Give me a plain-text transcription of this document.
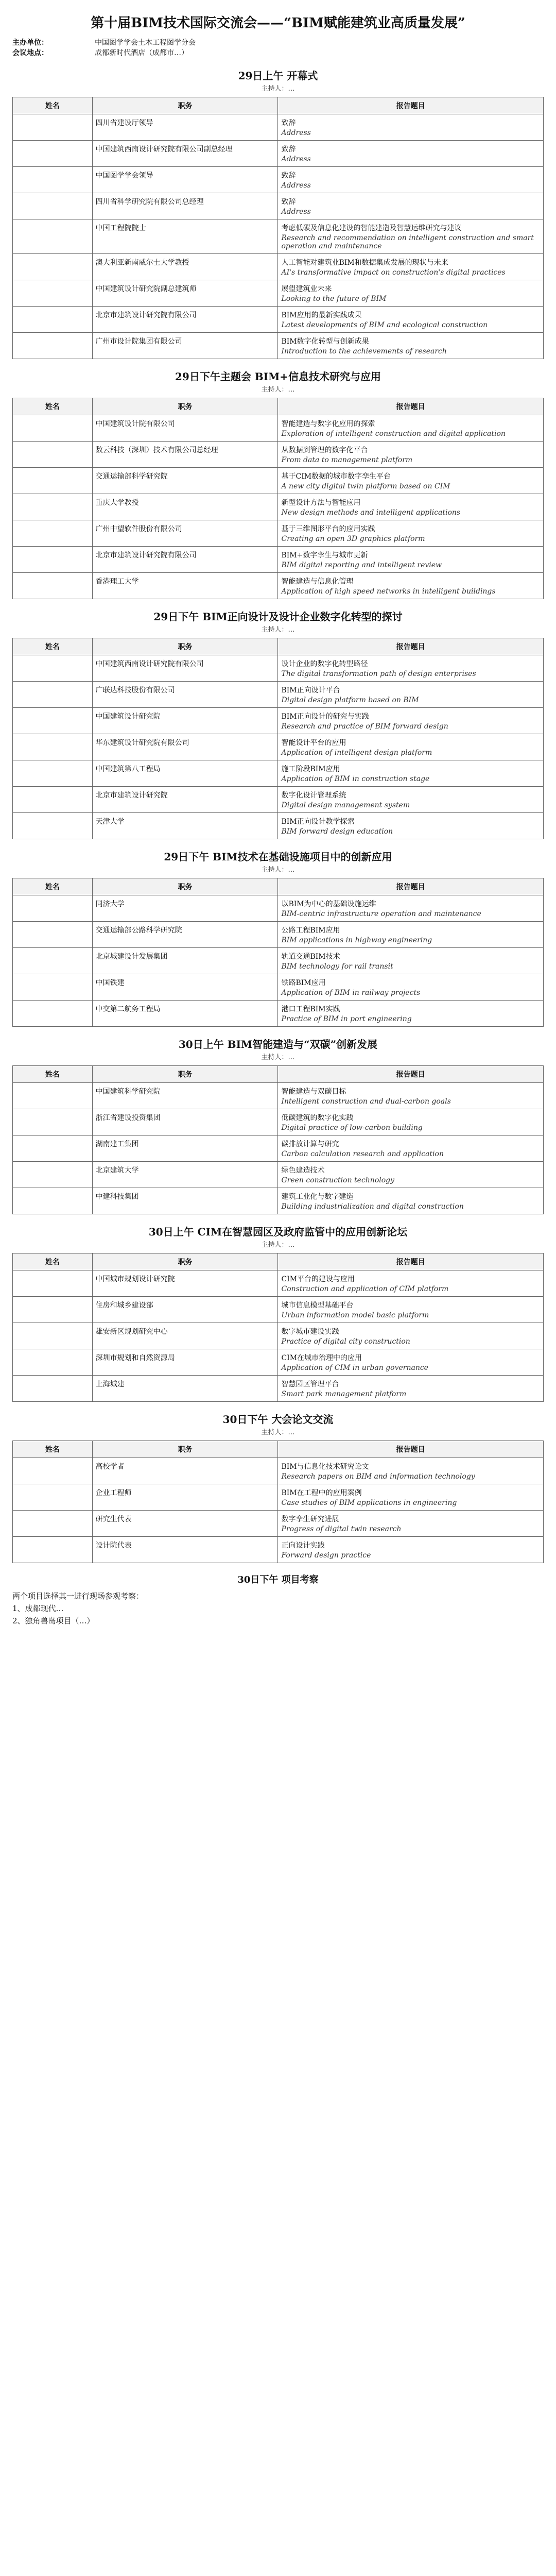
第十届BIM技术国际交流会——“BIM赋能建筑业高质量发展”
主办单位：	中国图学学会土木工程图学分会
会议地点：	成都新时代酒店（成都市…）
29日上午 开幕式
主持人：…
姓名	职务	报告题目
	四川省建设厅领导	致辞
Address

	中国建筑西南设计研究院有限公司副总经理	致辞
Address

	中国图学学会领导	致辞
Address

	四川省科学研究院有限公司总经理	致辞
Address

	中国工程院院士	考虑低碳及信息化建设的智能建造及智慧运维研究与建议
Research and recommendation on intelligent construction and smart operation and maintenance

	澳大利亚新南威尔士大学教授	人工智能对建筑业BIM和数据集成发展的现状与未来
AI's transformative impact on construction's digital practices

	中国建筑设计研究院副总建筑师	展望建筑业未来
Looking to the future of BIM

	北京市建筑设计研究院有限公司	BIM应用的最新实践成果
Latest developments of BIM and ecological construction

	广州市设计院集团有限公司	BIM数字化转型与创新成果
Introduction to the achievements of research
29日下午主题会 BIM+信息技术研究与应用
主持人：…
姓名	职务	报告题目
	中国建筑设计院有限公司	智能建造与数字化应用的探索
Exploration of intelligent construction and digital application

	数云科技（深圳）技术有限公司总经理	从数据到管理的数字化平台
From data to management platform

	交通运输部科学研究院	基于CIM数据的城市数字孪生平台
A new city digital twin platform based on CIM

	重庆大学教授	新型设计方法与智能应用
New design methods and intelligent applications

	广州中望软件股份有限公司	基于三维图形平台的应用实践
Creating an open 3D graphics platform

	北京市建筑设计研究院有限公司	BIM+数字孪生与城市更新
BIM digital reporting and intelligent review

	香港理工大学	智能建造与信息化管理
Application of high speed networks in intelligent buildings
29日下午 BIM正向设计及设计企业数字化转型的探讨
主持人：…
姓名	职务	报告题目
	中国建筑西南设计研究院有限公司	设计企业的数字化转型路径
The digital transformation path of design enterprises

	广联达科技股份有限公司	BIM正向设计平台
Digital design platform based on BIM

	中国建筑设计研究院	BIM正向设计的研究与实践
Research and practice of BIM forward design

	华东建筑设计研究院有限公司	智能设计平台的应用
Application of intelligent design platform

	中国建筑第八工程局	施工阶段BIM应用
Application of BIM in construction stage

	北京市建筑设计研究院	数字化设计管理系统
Digital design management system

	天津大学	BIM正向设计教学探索
BIM forward design education
29日下午 BIM技术在基础设施项目中的创新应用
主持人：…
姓名	职务	报告题目
	同济大学	以BIM为中心的基础设施运维
BIM-centric infrastructure operation and maintenance

	交通运输部公路科学研究院	公路工程BIM应用
BIM applications in highway engineering

	北京城建设计发展集团	轨道交通BIM技术
BIM technology for rail transit

	中国铁建	铁路BIM应用
Application of BIM in railway projects

	中交第二航务工程局	港口工程BIM实践
Practice of BIM in port engineering
30日上午 BIM智能建造与“双碳”创新发展
主持人：…
姓名	职务	报告题目
	中国建筑科学研究院	智能建造与双碳目标
Intelligent construction and dual-carbon goals

	浙江省建设投资集团	低碳建筑的数字化实践
Digital practice of low-carbon building

	湖南建工集团	碳排放计算与研究
Carbon calculation research and application

	北京建筑大学	绿色建造技术
Green construction technology

	中建科技集团	建筑工业化与数字建造
Building industrialization and digital construction
30日上午 CIM在智慧园区及政府监管中的应用创新论坛
主持人：…
姓名	职务	报告题目
	中国城市规划设计研究院	CIM平台的建设与应用
Construction and application of CIM platform

	住房和城乡建设部	城市信息模型基础平台
Urban information model basic platform

	雄安新区规划研究中心	数字城市建设实践
Practice of digital city construction

	深圳市规划和自然资源局	CIM在城市治理中的应用
Application of CIM in urban governance

	上海城建	智慧园区管理平台
Smart park management platform
30日下午 大会论文交流
主持人：…
姓名	职务	报告题目
	高校学者	BIM与信息化技术研究论文
Research papers on BIM and information technology

	企业工程师	BIM在工程中的应用案例
Case studies of BIM applications in engineering

	研究生代表	数字孪生研究进展
Progress of digital twin research

	设计院代表	正向设计实践
Forward design practice
30日下午 项目考察
两个项目选择其一进行现场参观考察：
1、成都现代…
2、独角兽岛项目（…）
